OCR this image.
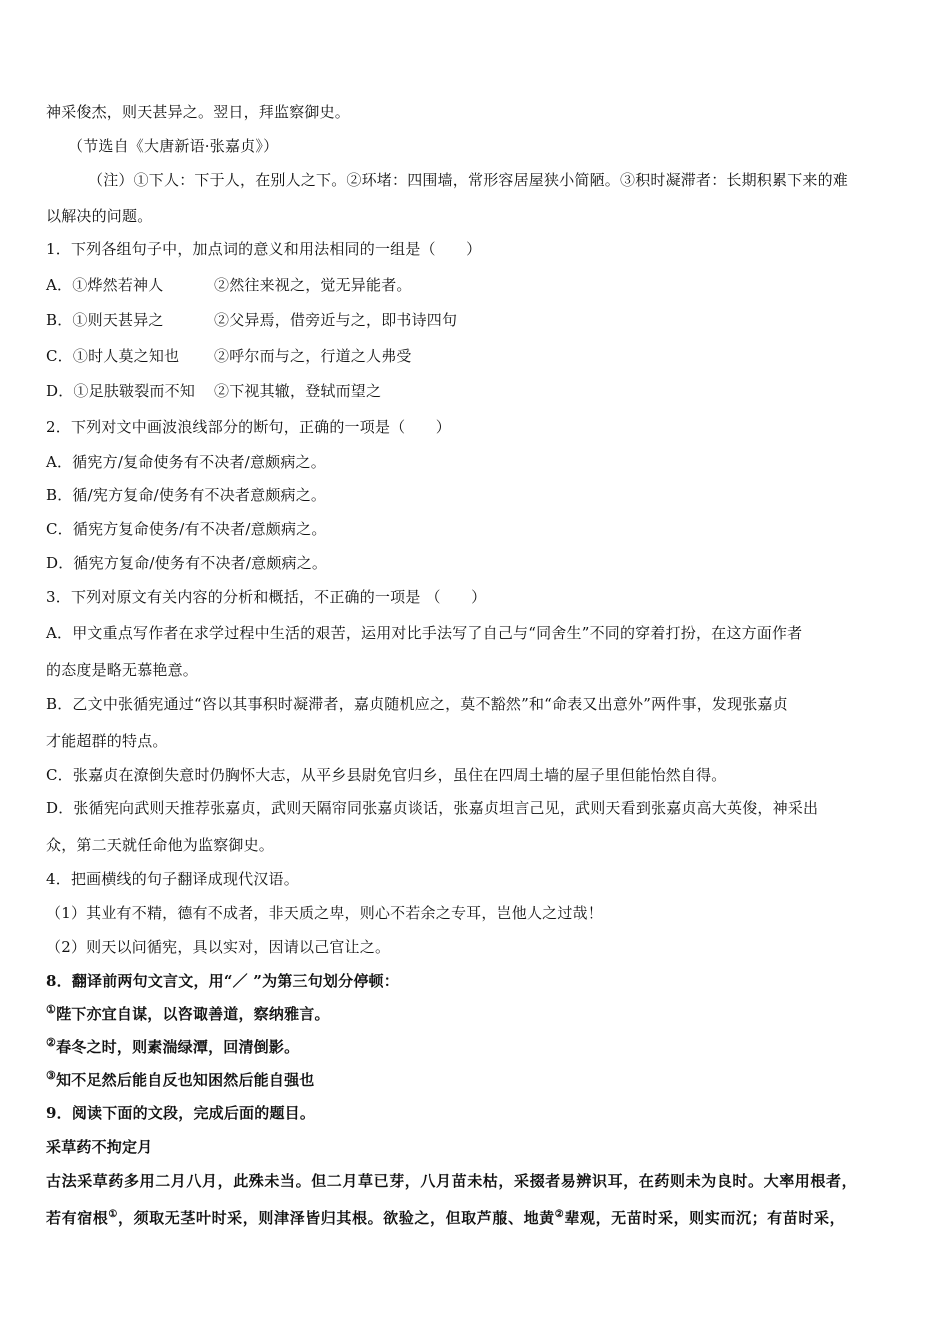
神采俊杰，则天甚异之。翌日，拜监察御史。
（节选自《大唐新语·张嘉贞》）
（注）①下人：下于人，在别人之下。②环堵：四围墙，常形容居屋狭小简陋。③积时凝滞者：长期积累下来的难
以解决的问题。
1．下列各组句子中，加点词的意义和用法相同的一组是（　　）
A．①烨然若神人	②然往来视之，觉无异能者。
B．①则天甚异之	②父异焉，借旁近与之，即书诗四句
C．①时人莫之知也 ②呼尔而与之，行道之人弗受
D．①足肤皲裂而不知 ②下视其辙，登轼而望之
2．下列对文中画波浪线部分的断句，正确的一项是（　　）
A．循宪方/复命使务有不决者/意颇病之。
B．循/宪方复命/使务有不决者意颇病之。
C．循宪方复命使务/有不决者/意颇病之。
D．循宪方复命/使务有不决者/意颇病之。
3．下列对原文有关内容的分析和概括，不正确的一项是 （　　）
A．甲文重点写作者在求学过程中生活的艰苦，运用对比手法写了自己与“同舍生”不同的穿着打扮，在这方面作者
的态度是略无慕艳意。
B．乙文中张循宪通过“咨以其事积时凝滞者，嘉贞随机应之，莫不豁然”和“命表又出意外”两件事，发现张嘉贞
才能超群的特点。
C．张嘉贞在潦倒失意时仍胸怀大志，从平乡县尉免官归乡，虽住在四周土墙的屋子里但能怡然自得。
D．张循宪向武则天推荐张嘉贞，武则天隔帘同张嘉贞谈话，张嘉贞坦言己见，武则天看到张嘉贞高大英俊，神采出
众，第二天就任命他为监察御史。
4．把画横线的句子翻译成现代汉语。
（1）其业有不精，德有不成者，非天质之卑，则心不若余之专耳，岂他人之过哉！
（2）则天以问循宪，具以实对，因请以己官让之。
8．翻译前两句文言文，用“／ ”为第三句划分停顿：
①陛下亦宜自谋，以咨诹善道，察纳雅言。
②春冬之时，则素湍绿潭，回清倒影。
③知不足然后能自反也知困然后能自强也
9．阅读下面的文段，完成后面的题目。
采草药不拘定月
古法采草药多用二月八月，此殊未当。但二月草已芽，八月苗未枯，采掇者易辨识耳，在药则未为良时。大率用根者，
若有宿根①，须取无茎叶时采，则津泽皆归其根。欲验之，但取芦菔、地黄②辈观，无苗时采，则实而沉；有苗时采，
